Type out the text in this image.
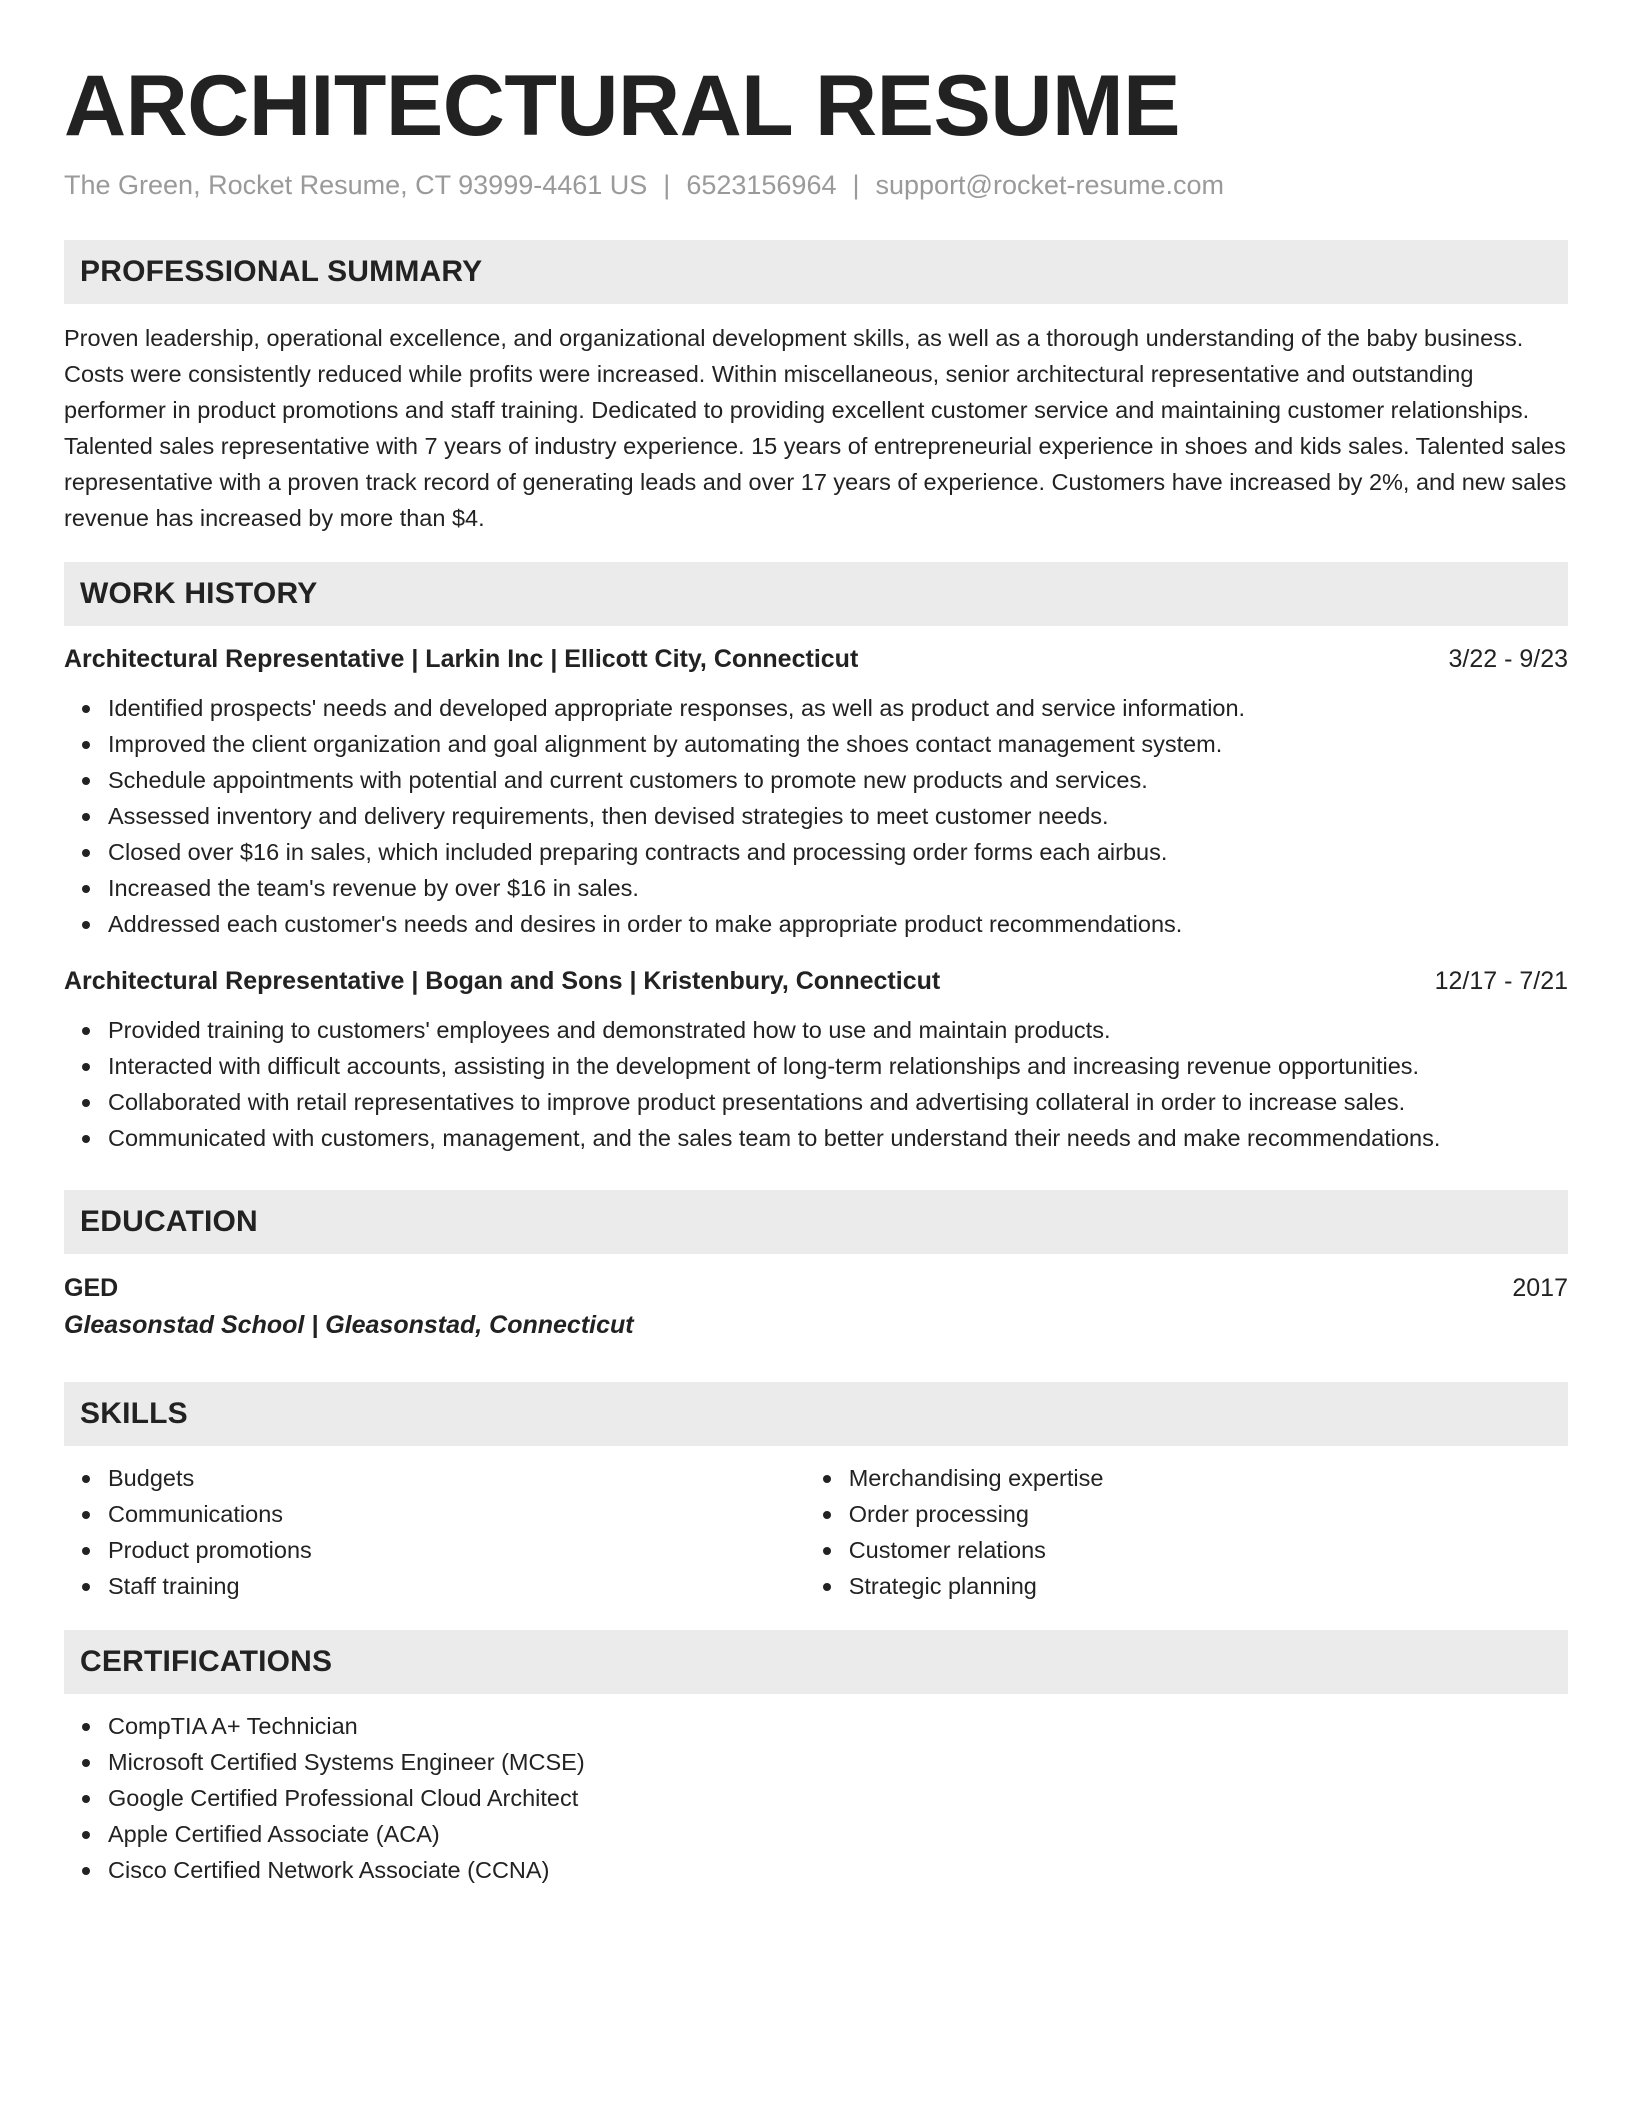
ARCHITECTURAL RESUME
The Green, Rocket Resume, CT 93999-4461 US | 6523156964 | support@rocket-resume.com
PROFESSIONAL SUMMARY

Proven leadership, operational excellence, and organizational development skills, as well as a thorough understanding of the baby business. Costs were consistently reduced while profits were increased. Within miscellaneous, senior architectural representative and outstanding performer in product promotions and staff training. Dedicated to providing excellent customer service and maintaining customer relationships. Talented sales representative with 7 years of industry experience. 15 years of entrepreneurial experience in shoes and kids sales. Talented sales representative with a proven track record of generating leads and over 17 years of experience. Customers have increased by 2%, and new sales revenue has increased by more than $4.

WORK HISTORY
Architectural Representative | Larkin Inc | Ellicott City, Connecticut	3/22 - 9/23
Identified prospects' needs and developed appropriate responses, as well as product and service information.
Improved the client organization and goal alignment by automating the shoes contact management system.
Schedule appointments with potential and current customers to promote new products and services.
Assessed inventory and delivery requirements, then devised strategies to meet customer needs.
Closed over $16 in sales, which included preparing contracts and processing order forms each airbus.
Increased the team's revenue by over $16 in sales.
Addressed each customer's needs and desires in order to make appropriate product recommendations.
Architectural Representative | Bogan and Sons | Kristenbury, Connecticut	12/17 - 7/21
Provided training to customers' employees and demonstrated how to use and maintain products.
Interacted with difficult accounts, assisting in the development of long-term relationships and increasing revenue opportunities.
Collaborated with retail representatives to improve product presentations and advertising collateral in order to increase sales.
Communicated with customers, management, and the sales team to better understand their needs and make recommendations.
EDUCATION
GED	2017
Gleasonstad School | Gleasonstad, Connecticut
SKILLS
Budgets
Communications
Product promotions
Staff training
Merchandising expertise
Order processing
Customer relations
Strategic planning
CERTIFICATIONS
CompTIA A+ Technician
Microsoft Certified Systems Engineer (MCSE)
Google Certified Professional Cloud Architect
Apple Certified Associate (ACA)
Cisco Certified Network Associate (CCNA)
